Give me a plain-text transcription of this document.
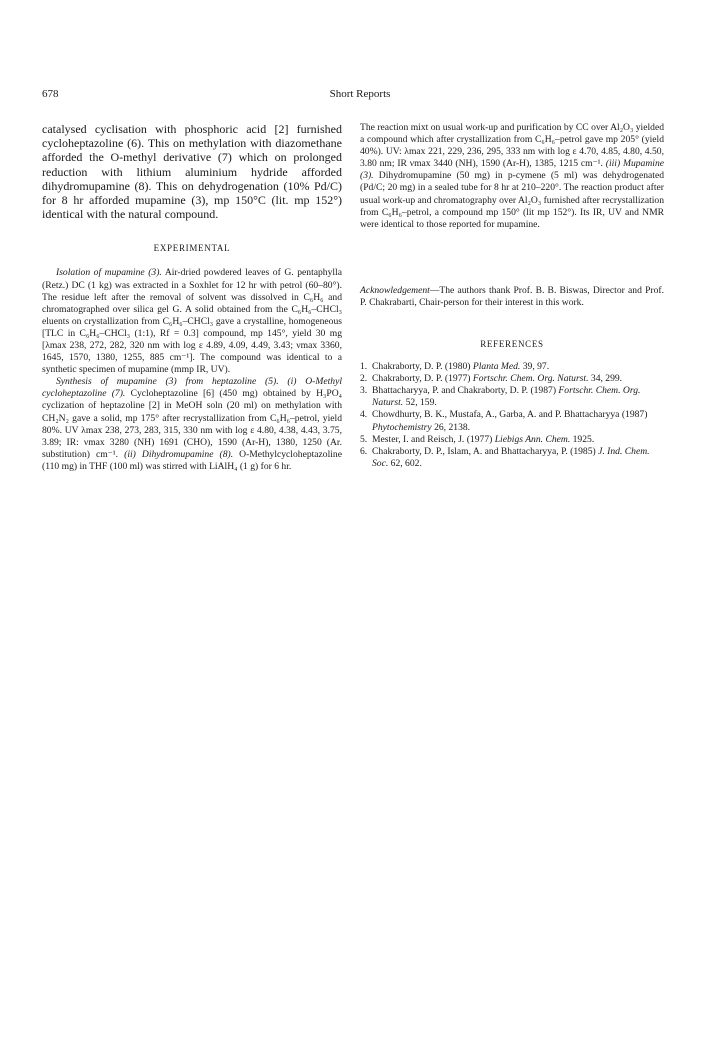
678	Short Reports

catalysed cyclisation with phosphoric acid [2] furnished cycloheptazoline (6). This on methylation with diazomethane afforded the O-methyl derivative (7) which on prolonged reduction with lithium aluminium hydride afforded dihydromupamine (8). This on dehydrogenation (10% Pd/C) for 8 hr afforded mupamine (3), mp 150°C (lit. mp 152°) identical with the natural compound.

EXPERIMENTAL

Isolation of mupamine (3). Air-dried powdered leaves of G. pentaphylla (Retz.) DC (1 kg) was extracted in a Soxhlet for 12 hr with petrol (60–80°). The residue left after the removal of solvent was dissolved in C₆H₆ and chromatographed over silica gel G. A solid obtained from the C₆H₆–CHCl₃ eluents on crystallization from C₆H₆–CHCl₃ gave a crystalline, homogeneous [TLC in C₆H₆–CHCl₃ (1:1), Rf = 0.3] compound, mp 145°, yield 30 mg [λmax 238, 272, 282, 320 nm with log ε 4.89, 4.09, 4.49, 3.43; νmax 3360, 1645, 1570, 1380, 1255, 885 cm⁻¹]. The compound was identical to a synthetic specimen of mupamine (mmp IR, UV).

Synthesis of mupamine (3) from heptazoline (5). (i) O-Methyl cycloheptazoline (7). Cycloheptazoline [6] (450 mg) obtained by H₃PO₄ cyclization of heptazoline [2] in MeOH soln (20 ml) on methylation with CH₂N₂ gave a solid, mp 175° after recrystallization from C₆H₆–petrol, yield 80%. UV λmax 238, 273, 283, 315, 330 nm with log ε 4.80, 4.38, 4.43, 3.75, 3.89; IR: νmax 3280 (NH) 1691 (CHO), 1590 (Ar-H), 1380, 1250 (Ar. substitution) cm⁻¹. (ii) Dihydromupamine (8). O-Methylcycloheptazoline (110 mg) in THF (100 ml) was stirred with LiAlH₄ (1 g) for 6 hr.

The reaction mixt on usual work-up and purification by CC over Al₂O₃ yielded a compound which after crystallization from C₆H₆–petrol gave mp 205° (yield 40%). UV: λmax 221, 229, 236, 295, 333 nm with log ε 4.70, 4.85, 4.80, 4.50, 3.80 nm; IR νmax 3440 (NH), 1590 (Ar-H), 1385, 1215 cm⁻¹. (iii) Mupamine (3). Dihydromupamine (50 mg) in p-cymene (5 ml) was dehydrogenated (Pd/C; 20 mg) in a sealed tube for 8 hr at 210–220°. The reaction product after usual work-up and chromatography over Al₂O₃ furnished after recrystallization from C₆H₆–petrol, a compound mp 150° (lit mp 152°). Its IR, UV and NMR were identical to those reported for mupamine.

Acknowledgement—The authors thank Prof. B. B. Biswas, Director and Prof. P. Chakrabarti, Chair-person for their interest in this work.

REFERENCES
1. Chakraborty, D. P. (1980) Planta Med. 39, 97.
2. Chakraborty, D. P. (1977) Fortschr. Chem. Org. Naturst. 34, 299.
3. Bhattacharyya, P. and Chakraborty, D. P. (1987) Fortschr. Chem. Org. Naturst. 52, 159.
4. Chowdhurty, B. K., Mustafa, A., Garba, A. and P. Bhattacharyya (1987) Phytochemistry 26, 2138.
5. Mester, I. and Reisch, J. (1977) Liebigs Ann. Chem. 1925.
6. Chakraborty, D. P., Islam, A. and Bhattacharyya, P. (1985) J. Ind. Chem. Soc. 62, 602.
